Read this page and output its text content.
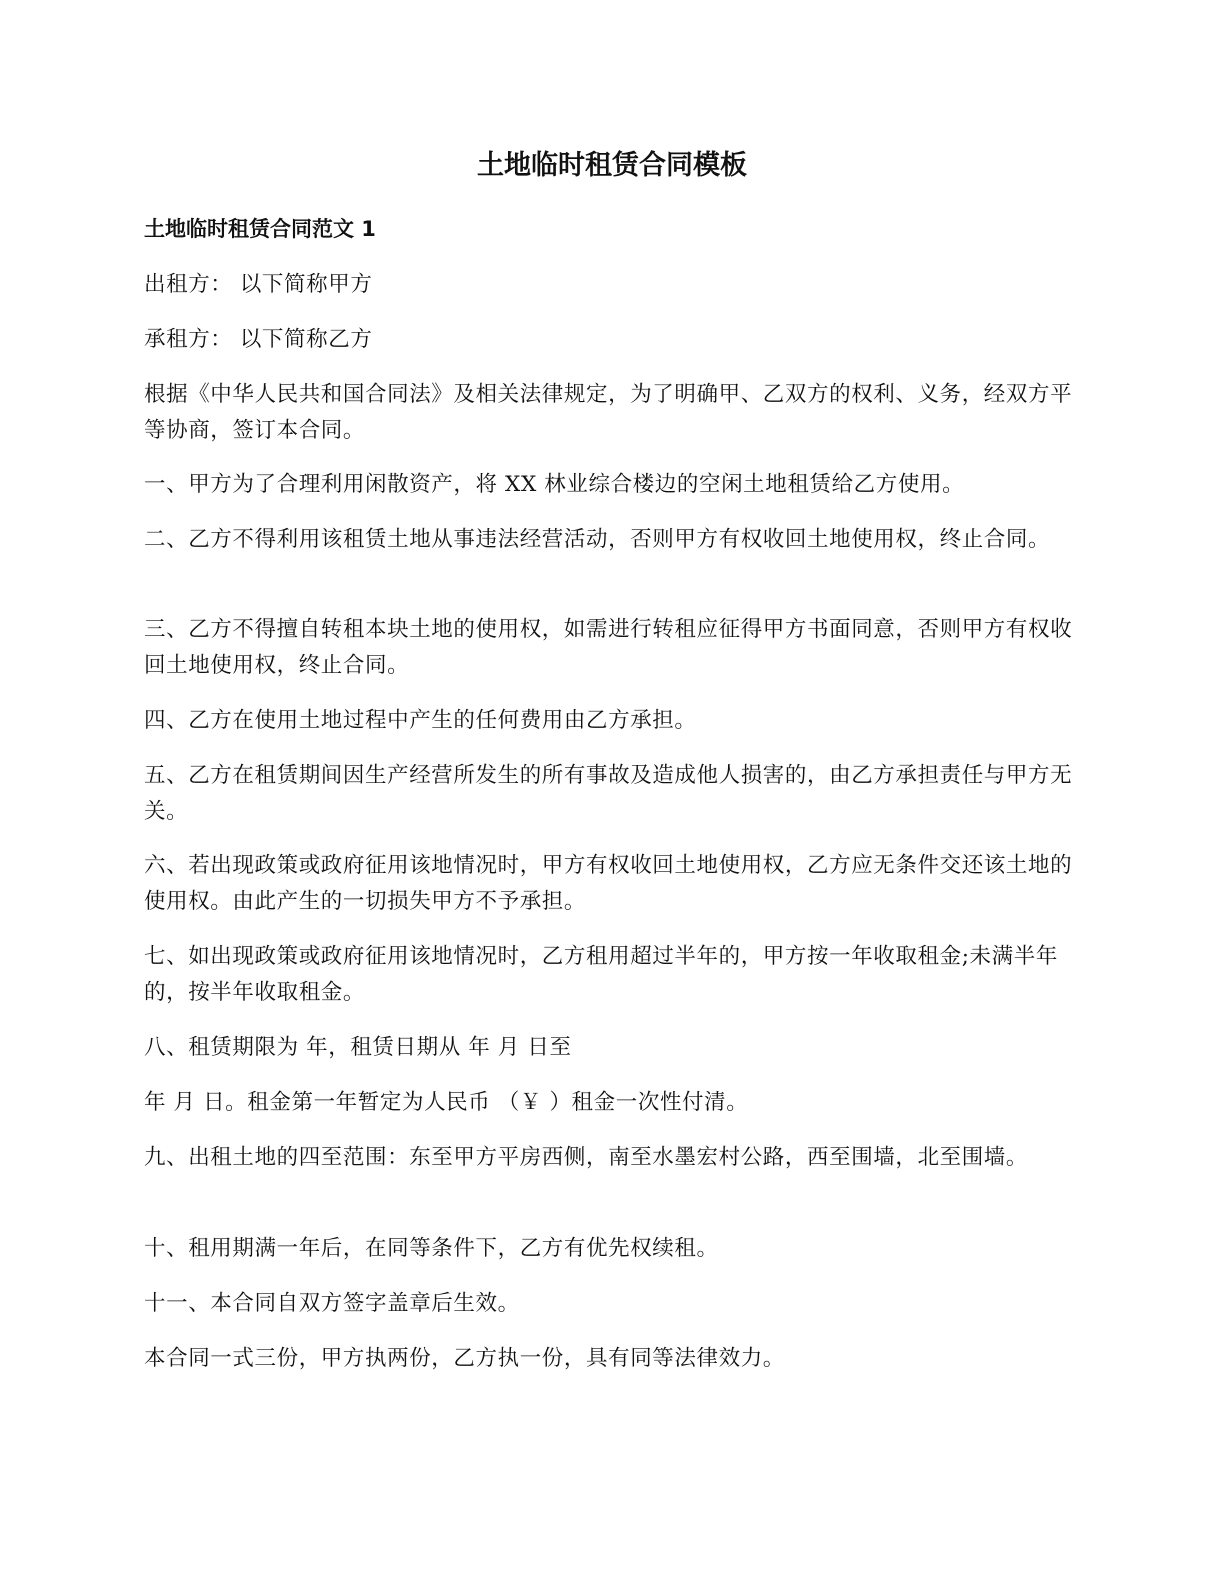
土地临时租赁合同模板
土地临时租赁合同范文 1

出租方： 以下简称甲方

承租方： 以下简称乙方

根据《中华人民共和国合同法》及相关法律规定，为了明确甲、乙双方的权利、义务，经双方平等协商，签订本合同。

一、甲方为了合理利用闲散资产，将 XX 林业综合楼边的空闲土地租赁给乙方使用。

二、乙方不得利用该租赁土地从事违法经营活动，否则甲方有权收回土地使用权，终止合同。

三、乙方不得擅自转租本块土地的使用权，如需进行转租应征得甲方书面同意，否则甲方有权收回土地使用权，终止合同。

四、乙方在使用土地过程中产生的任何费用由乙方承担。

五、乙方在租赁期间因生产经营所发生的所有事故及造成他人损害的，由乙方承担责任与甲方无关。

六、若出现政策或政府征用该地情况时，甲方有权收回土地使用权，乙方应无条件交还该土地的使用权。由此产生的一切损失甲方不予承担。

七、如出现政策或政府征用该地情况时，乙方租用超过半年的，甲方按一年收取租金;未满半年的，按半年收取租金。

八、租赁期限为 年，租赁日期从 年 月 日至

年 月 日。租金第一年暂定为人民币 （￥ ）租金一次性付清。

九、出租土地的四至范围：东至甲方平房西侧，南至水墨宏村公路，西至围墙，北至围墙。

十、租用期满一年后，在同等条件下，乙方有优先权续租。

十一、本合同自双方签字盖章后生效。

本合同一式三份，甲方执两份，乙方执一份，具有同等法律效力。
